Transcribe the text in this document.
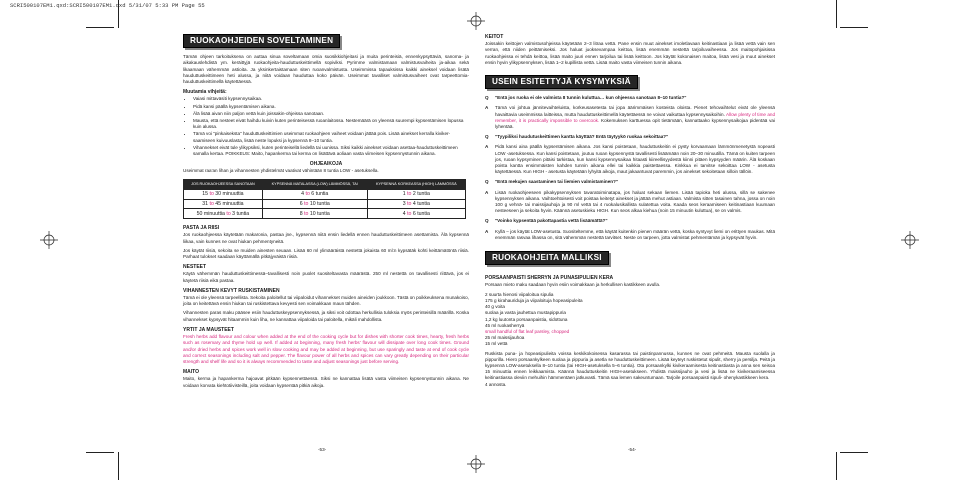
SCRI500107EM1.qxd:SCRI500107EM1.qxd 5/31/07 5:33 PM Page 55
RUOKAOHJEIDEN SOVELTAMINEN

Tämän ohjeen tarkoituksena on auttaa sinua soveltamaan omia suosikkiohjeitasi ja muita perinteisiä, ennenkypsyttäviä, sanoma- ja aikakauslehdistä ym. keräittyjä ruokaohjeita-hauduttuskeittimellä sopiviksi. Pyrimme valmistamaan valmistusvaiheita ja-aikaa sekä likaamaan vähemmän astioita. Ja yksinkertaistamaan siten ruoanvalmistusta. Useimmissa tapauksissa kaikki aineksel voidaan lisätä hauduttuskeittimeen heti alussa, ja niitä voidaan hauduttaa koko päivän. Useimmat tavalliset valmistusvaiheet ovat tarpeettomia-hauduttuskeittimellä käytettäessä.

Muutamia vihjeitä:
• Vaiasi mittaväsiti kypsennysaikaa.
• Pidä kansi päällä kypsentämisen aikana.
• Älä lisää aivan niin paljon vettä kuin joissakin-ohjeissa sanotaan.
• Mausta, että nesteet eivät haihdu kuivin kuten perinteisessä ruoanlaitossa. Nestemäärä on yleensä suurempi kypsentämisen lopussa kuin alussa.
• Tämä voi "pinkaiseksta" hauduttuskeittimien useimmat ruokaohjeen vaiheet voidaan jättää pois. Lisää ainekset kerralla kiviker-saamiseen kuivuuslasta, lisää neste lopuksi ja kypsennä 8–10 tuntia.
• Vihannekset eivät tule ylikypsiksi, kuten perinteisellä liedellä tai uunissa. Siksi kaikki ainekset voidaan asettaa-hauduttuskeittimeen samalla kertaa. POIKKEUS: Maito, hapankerma tai kerma on lisättävä aoliaan vasta viimeisen kypsennystunnin aikana.
OHJEAIKOJA

Useimmat raa'an lihan ja vihannesten yhdistelmät vaativat vähintään 8 tuntia LOW - asetuksella.

JOS RUOKAOHJEESSA SANOTAAN	KYPSENNÄ MATALASSA (LOW) LÄMMÖSSÄ, TAI	KYPSENNÄ KORKEASSA (HIGH) LÄMMÖSSÄ
15 to 30 minuuttia	4 to 6 tuntia	1 to 2 tuntia
31 to 45 minuuttia	6 to 10 tuntia	3 to 4 tuntia
50 minuuttia to 3 tuntia	8 to 10 tuntia	4 to 6 tuntia
PASTA JA RIISI

Jos ruokaohjeessa käytetään makaronia, pastaa jne., kypsennä niitä ensin liedellä ennen hauduttuskeittimeen asettamista. Älä kypsennä liikaa, vain kunnes ne ovat hiukan pehmentyneitä.

Jos käytät riisiä, sekoita se muiden ainesten seuaan. Lisää 60 ml ylimääräistä nestettä jokaista 60 ml:n kypsätäk kohti keittämätöntä riisiä. Parhaat tulokset saadaan käyttämällä pitkäjyväistä riisiä.

NESTEET

Käytä vähemmän hauduttuskeittimessä–tavallisesti noin puolet suositeltavasta määrästä. 250 ml nestettä on tavallisesti riittävä, jos ei käytetä riisiä eikä pastaa.

VIHANNESTEN KEVYT RUSKISTAMINEN

Tämä ei ole yleensä tarpeellista. Sekoita paloitellut tai viipaloidut vihannekset muiden aineiden joukkoon. Tästä on poikkeuksena munakoiso, joita on keitettävä ensin hiukan tai ruskistettava kevyesti sen voimakkaan maun tähden.

Vihannesten paras maku pääsee esiin hauduttuskeypsennyksessä, ja siksi voit odottaa herkullisia tuloksia myös perinteisillä määrillä. Koska vihannekset kypsyvät hitaammin kuin liha, ne kannattaa viipaloida tai paloitella, mikäli mahdollista.

YRTIT JA MAUSTEET

Fresh herbs add flavour and colour when added at the end of the cooking cycle but for dishes with shorter cook times, hearty, fresh herbs such as rosemary and thyme hold up well. If added at beginning, many fresh herbs' flavour will dissipate over long cook times. Ground and/or dried herbs and spices work well in slow cooking and may be added at beginning, but use sparingly and taste at end of cook cycle and correct seasonings including salt and pepper. The flavour power of all herbs and spices can vary greatly depending on their particular strength and shelf life and so it is always recommended to taste and adjust seasonings just before serving.

MAITO

Maito, kerma ja hapankerma hajoavat pitkään kypsennettäessä. Siksi ne kannattaa lisätä vasta viimeisen kypsennystunnin aikana. Ne voidaan korvata kiehtotiivisteillä, joita voidaan kypsentää pitkiä aikoja.

-53-
KEITOT

Joissakin keittojen valmistusohjeissa käytetään 2–3 litraa vettä. Pane ensin muut ainekset imoletlavaan keitinastiaan ja lisää vettä vain sen verran, että niiden peittämiseksi. Jos haluat juoksevampaa keittoa, lisää enemmän nestettä tarjoiluvaiheessa. Jos maitopohjaisissa ruokaohjeissa ei tehdä keittoa, lisää maito juuri ennen tarjoilua tai lisää keittoon. Jos käytät kokonaisen maitoa, lisää vesi ja muut ainekset ensin hyvin ylikypsennyksen, lisää 1–2 kupillista vettä. Lisää maito vasta viimeisen tunnin aikana.

USEIN ESITETTYJÄ KYSYMYKSIÄ
Q	"Entä jos ruoka ei ole valmista 8 tunnin kuluttua… kun ohjeessa sanotaan 8–10 tuntia?"
A	Tämä voi johtua jännitevaihteluista, korkeusasetesta tai jopa äärimmäisen kosteista oloista. Pienet tehovaihtelut eivät ole yleensä havaittavia useimmissa laitteissa, mutta hauduttuskeittimellä käytettäessä ne voivat vaikuttaa kypsennysaikoihin. Allow plenty of time and remember, it is practically impossible to overcook. Kokemuksen karttuessa opit tietämään, kannattaako kypsennysaikojaa pidentää vai lyhentää.
Q	"Tyypiliksi haudutuskeittimen kantta käyttää? Entä täytyykö ruokaa sekoittaa?"
A	Pidä kansi aina päällä kypsentämisen aikana. Jos kansi poistetaan, hauduttuskeitin ei pysty korvaamaan lämmönmenetystä nopeasti LOW -asetuksessa. Kun kansi poistetaan, joutuu ruoan kypsennystä tavallisesti lisäämään noin 20–30 minuutilla. Tämä on kuiten tarpeen jos, ruoan kypsyminen pitäisi tarkistaa, kun kansi kypsennysaikaa hitaasti kiireellisyydestä kiinni pitäen kypsyyden määrin. Älä koskaan poista kantta ensimmäisten kahden tunnin aikana ellei tai kaikkia paistettaessa. Kinkkua ei tarvitse sekoittaa LOW - asetusta käytettäessä. Kun HIGH - asetusta käytetään lyhyitä aikoja, maut jakaantuvat paremmin, jos ainekset sekoitetaan silloin tällöin.
Q	"Entä mekujen saastaminen tai liemien valmistaminen?"
A	Lisää ruokaohjeeseen pikakypsennyksen tavaratoiminatapa, jos haluat sekaan liemen. Lisää tapioka heti alussa, sillä se sakenee kypsennyksen aikana. Vaihtoehtoisesti voit poistaa keitetyt ainekset ja jättää mehut astiaan. Valmista sitten tasainen tahna, jossa on noin 100 g vehnä- tai maissijauhoja ja 90 ml vettä tai 4 ruokalusikallista sulatettua voita. Kaada seos keraamiseen keitinastiaan kuumaan nesteeseen ja sekoita hyvin. Käännä asetuskieku HIGH. Kun seos alkaa kiehua (noin 15 minuutin kuluttua), se on valmis.
Q	"Voinko kypsentää pakottapastia vettä lisäämättä?"
A	Kyllä – jos käytät LOW-asetusta. Suositeltemme, että käytät kuitenkin pienen määrän vettä, koska syntyvyt liemi on erittyen maukas. Mitä enemmän rasvaa lihassa on, sitä vähemmän nestettä tarvitset. Neste on tarpeen, jotta valmistat pehmentämän ja kypsyvät hyvin.
RUOKAOHJEITA MALLIKSI
PORSAANPAISTI SHERRYN JA PUNASIPULIEN KERA

Porsaan mieto maku saadaan hyvin esiin voimakkaan ja herkullisen kastikkeen avulla.

2 suurta hienosi viipaloitua sipulia
175 g kirahauriduja ja viipaloituja hopeasipuleita
40 g voita
suolaa ja vasta jauhettua mustapippuria
1,2 kg luutonta porsaanpaistia, sidottuna
45 ml ruokasherryä
small handful of flat leaf parsley, chopped
25 ml maissijauhoa
15 ml vettä

Ruskista puna- ja hopeasipulieita voissa keskikokoisessa kasarassa tai paistinpannussa, kunnes ne ovat pehmeitä. Mausta suolalla ja pippurilla. Hiero porsaankylkeen suolaa ja pippuria ja asetla se hauduttuskeittimeen. Lisää keyteyt ruskistetut sipulit, sherry ja persilja. Peitä ja kypsennä LOW-asetuksella 8–10 tuntia (tai HIGH-asetuksella 5–6 tuntia). Ota porsaankylki kivikeraamisesta keitinastiasta ja anna sen seisoa 15 minuuttia ennen leikkaamista. Käännä hauduttuskeitin HIGH-asetukseen. Yhdistä maissijauho ja vesi ja lisää ne kivikeraamiseessa keitinastiassa oleviin mehuihin hämmentäen jatkuvasti. Tämä saa lemen sakeuntumaan. Tarjoile porsaanpaisti sipuli- ohenykastikkeen kera.

4 annosta.
-54-
